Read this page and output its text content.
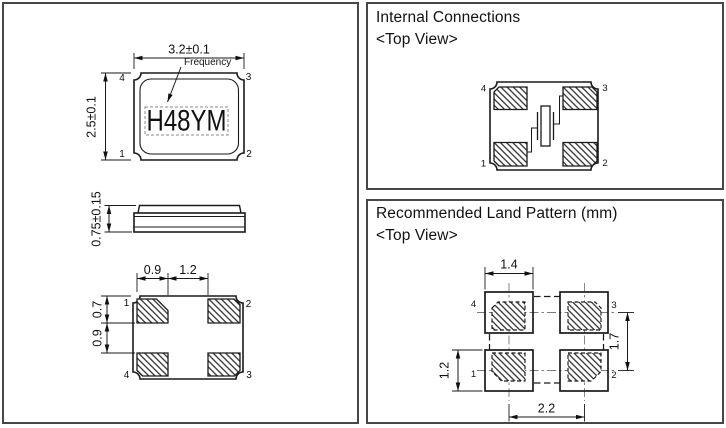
H48YM
Frequency
3.2±0.1
2.5±0.1
4	3
1	2
0.75±0.15
1	2
4	3
0.9 1.2
0.7
0.9
4	3
1	2
1.4
1.2
1.7
2.2
4	3
1	2
Internal Connections
<Top View>
Recommended Land Pattern (mm)
<Top View>
